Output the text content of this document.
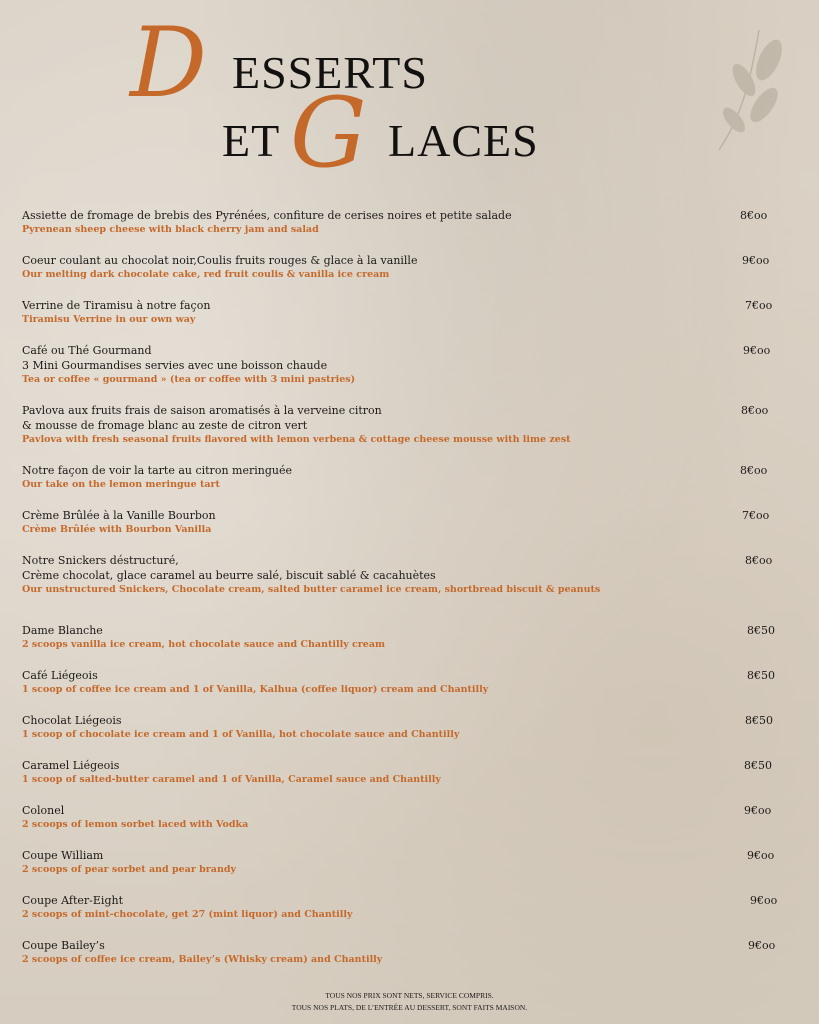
D ESSERTS
ET G LACES
Assiette de fromage de brebis des Pyrénées, confiture de cerises noires et petite salade
Pyrenean sheep cheese with black cherry jam and salad
8€oo
Coeur coulant au chocolat noir,Coulis fruits rouges & glace à la vanille
Our melting dark chocolate cake, red fruit coulis & vanilla ice cream
9€oo
Verrine de Tiramisu à notre façon
Tiramisu Verrine in our own way
7€oo
Café ou Thé Gourmand
3 Mini Gourmandises servies avec une boisson chaude
Tea or coffee « gourmand » (tea or coffee with 3 mini pastries)
9€oo
Pavlova aux fruits frais de saison aromatisés à la verveine citron
& mousse de fromage blanc au zeste de citron vert
Pavlova with fresh seasonal fruits flavored with lemon verbena & cottage cheese mousse with lime zest
8€oo
Notre façon de voir la tarte au citron meringuée
Our take on the lemon meringue tart
8€oo
Crème Brûlée à la Vanille Bourbon
Crème Brûlée with Bourbon Vanilla
7€oo
Notre Snickers déstructuré,
Crème chocolat, glace caramel au beurre salé, biscuit sablé & cacahuètes
Our unstructured Snickers, Chocolate cream, salted butter caramel ice cream, shortbread biscuit & peanuts
8€oo
Dame Blanche
2 scoops vanilla ice cream, hot chocolate sauce and Chantilly cream
8€50
Café Liégeois
1 scoop of coffee ice cream and 1 of Vanilla, Kalhua (coffee liquor) cream and Chantilly
8€50
Chocolat Liégeois
1 scoop of chocolate ice cream and 1 of Vanilla, hot chocolate sauce and Chantilly
8€50
Caramel Liégeois
1 scoop of salted-butter caramel and 1 of Vanilla, Caramel sauce and Chantilly
8€50
Colonel
2 scoops of lemon sorbet laced with Vodka
9€oo
Coupe William
2 scoops of pear sorbet and pear brandy
9€oo
Coupe After-Eight
2 scoops of mint-chocolate, get 27 (mint liquor) and Chantilly
9€oo
Coupe Bailey’s
2 scoops of coffee ice cream, Bailey’s (Whisky cream) and Chantilly
9€oo
TOUS NOS PRIX SONT NETS, SERVICE COMPRIS.
TOUS NOS PLATS, DE L’ENTRÉE AU DESSERT, SONT FAITS MAISON.
